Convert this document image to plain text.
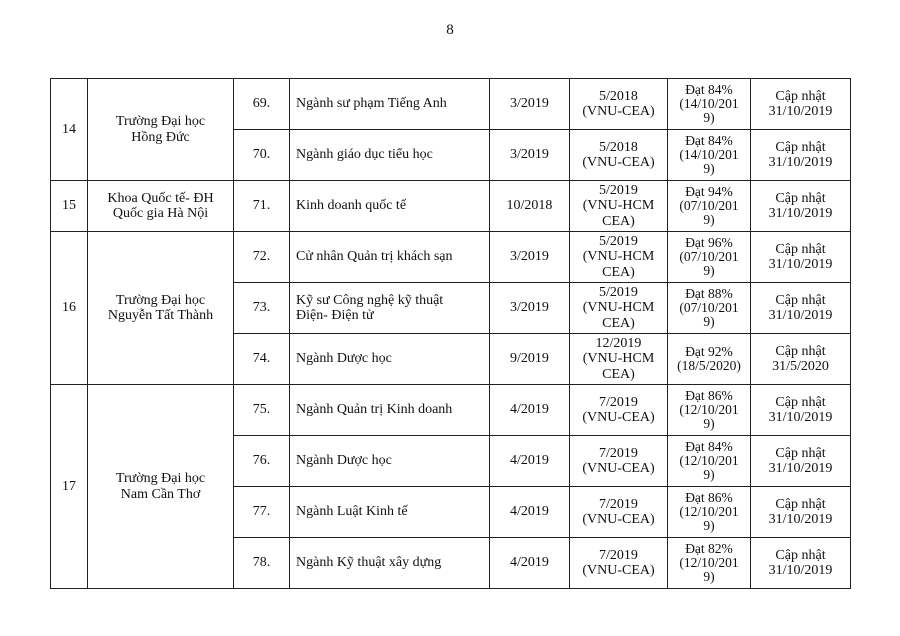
8
14	Trường Đại học
Hồng Đức	69.	Ngành sư phạm Tiếng Anh	3/2019	5/2018
(VNU-CEA)	Đạt 84%
(14/10/201
9)	Cập nhật
31/10/2019

		70.	Ngành giáo dục tiểu học	3/2019	5/2018
(VNU-CEA)	Đạt 84%
(14/10/201
9)	Cập nhật
31/10/2019

15	Khoa Quốc tế- ĐH
Quốc gia Hà Nội	71.	Kinh doanh quốc tế	10/2018	5/2019
(VNU-HCM
CEA)	Đạt 94%
(07/10/201
9)	Cập nhật
31/10/2019

16	Trường Đại học
Nguyễn Tất Thành	72.	Cử nhân Quản trị khách sạn	3/2019	5/2019
(VNU-HCM
CEA)	Đạt 96%
(07/10/201
9)	Cập nhật
31/10/2019

		73.	Kỹ sư Công nghệ kỹ thuật
Điện- Điện tử	3/2019	5/2019
(VNU-HCM
CEA)	Đạt 88%
(07/10/201
9)	Cập nhật
31/10/2019

		74.	Ngành Dược học	9/2019	12/2019
(VNU-HCM
CEA)	Đạt 92%
(18/5/2020)	Cập nhật
31/5/2020

17	Trường Đại học
Nam Cần Thơ	75.	Ngành Quản trị Kinh doanh	4/2019	7/2019
(VNU-CEA)	Đạt 86%
(12/10/201
9)	Cập nhật
31/10/2019

		76.	Ngành Dược học	4/2019	7/2019
(VNU-CEA)	Đạt 84%
(12/10/201
9)	Cập nhật
31/10/2019

		77.	Ngành Luật Kinh tế	4/2019	7/2019
(VNU-CEA)	Đạt 86%
(12/10/201
9)	Cập nhật
31/10/2019

		78.	Ngành Kỹ thuật xây dựng	4/2019	7/2019
(VNU-CEA)	Đạt 82%
(12/10/201
9)	Cập nhật
31/10/2019
